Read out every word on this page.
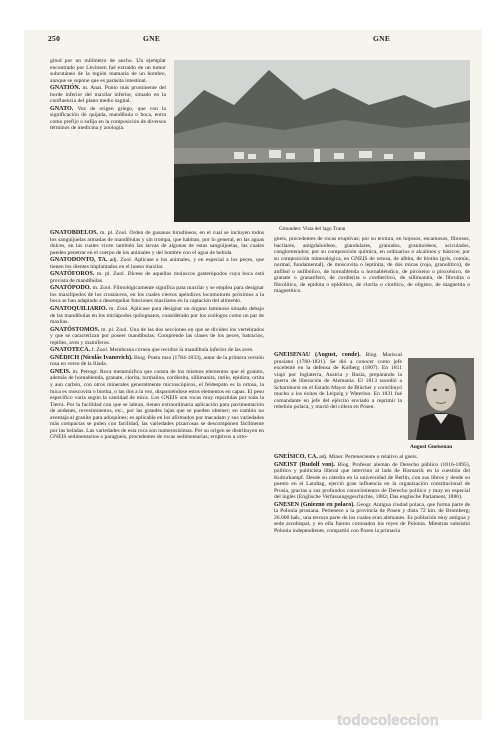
250	GNE	GNE

gitud por un milímetro de ancho. Un ejemplar encontrado por Levinsen fué extraído de un tumor subcutáneo de la región mamaria de un hombre, aunque se supone que es parásita intestinal.

GNATIÓN. m. Anat. Punto más prominente del borde inferior del maxilar inferior, situado en la confluencia del plano medio sagital.

GNATO. Voz de origen griego, que con la significación de quijada, mandíbula o boca, entra como prefijo o sufijo en la composición de diversos términos de medicina y zoología.

Gmunden: Vista del lago Traun

GNATOBDELOS. m. pl. Zool. Orden de gusanos hirudíneos, en el cual se incluyen todos los sanguijuelas armadas de mandíbulas y sin trompa, que habitan, por lo general, en las aguas dulces, en las cuales viven también las larvas de algunas de estas sanguijuelas, las cuales pueden penetrar en el cuerpo de los animales y del hombre con el agua de bebida.

GNATODONTO, TA. adj. Zool. Aplícase a los animales, y en especial a los peces, que tienen los dientes implantados en el hueso maxilar.

GNATÓFOROS. m. pl. Zool. Dícese de aquellos moluscos gasterópodos cuya boca está provista de mandíbulas.

GNATÓPODO. m. Zool. Filmológicamente significa pata maxilar y se emplea para designar los maxilípedos de los crustáceos, en los cuales ciertos apéndices locomotores próximos a la boca se han adaptado a desempeñar funciones maxilares en la captación del alimento.

GNATOQUILIARIO. m. Zool. Aplícase para designar un órgano laminoso situado debajo de las mandíbulas en los miriápodos quilognatos, considerado por los zoólogos como un par de maxilas.

GNATÓSTOMOS. m. pl. Zool. Una de las dos secciones en que se dividen los vertebrados y que se caracterizan por poseer mandíbulas. Comprende las clases de los peces, batracios, reptiles, aves y mamíferos.

GNATOTECA. f. Zool. Membrana córnea que recubre la mandíbula inferior de las aves.

GNÉDICH (Nicolás Ivanovich). Biog. Poeta ruso (1784-1833), autor de la primera versión rusa en verso de la Ilíada.

GNEIS. m. Petrogr. Roca metamórfica que consta de los mismos elementos que el granito, además de hornablenda, granate, clorita, turmalina, cordierita, sillimanita, rutilo, epidota, ortita y aun carbón, con otros minerales generalmente microscópicos, el feldespato es la ortosa, la mica es moscovita o biotita, o las dos a la vez, disponiéndose estos elementos en capas. El peso específico varía según la cantidad de mica. Los GNEIS son rocas muy repartidas por toda la Tierra. Por la facilidad con que se labran, tienen extraordinaria aplicación para pavimentación de andenes, revestimientos, etc., por las grandes lajas que se pueden obtener; en cambio no aventaja al granito para adoquines; es aplicable en los afirmados por macadam y sus variedades más compactas se pulen con facilidad, las variedades pizarrosas se descomponen fácilmente por las heladas. Las variedades de esta roca son numerosísimas. Por su origen se distribuyen en GNEIS sedimentarios o paragneis, procedentes de rocas sedimentarias; eruptivos u orto-

gneis, procedentes de rocas eruptivas; por su textura, en hojosos, escamosos, fibrosos, bacilares, amigdaloideos, glandulares, granudos, granitoideos, aciculados, conglomerados; por su composición química, en ordinarios o alcalinos y básicos; por su composición mineralógica, en GNEIS de ortosa, de albita, de biotita (gris, común, normal, fundamental), de moscovita o leptinita, de dos micas (rojo, granulítico), de anfíbol o anfibólico, de hornablenda u hornabléndico, de piroxeno o piroxénico, de granate o granatífero, de cordierita o cordierítico, de sillimanita, de fibrolita o fibrolítico, de epidota o epidótico, de clorita o clorítico, de oligisto, de magnetita o magnetítico.

GNEISENAU (August, conde). Biog. Mariscal prusiano (1760-1831). Se dió a conocer como jefe excelente en la defensa de Kolberg (1807). En 1811 viajó por Inglaterra, Austria y Rusia, preparando la guerra de liberación de Alemania. El 1813 sucedió a Scharnhorst en el Estado Mayor de Blücher y contribuyó mucho a los éxitos de Leipzig y Waterloo. En 1831 fué comandante en jefe del ejército enviado a reprimir la rebelión polaca, y murió del cólera en Posen.

August Gneisenau

GNEÍSICO, CA. adj. Miner. Perteneciente o relativo al gneis.

GNEIST (Rudolf von). Biog. Profesor alemán de Derecho público (1816-1895), político y publicista liberal que intervino al lado de Bismarck en la cuestión del Kulturkampf. Desde su cátedra en la universidad de Berlín, con sus libros y desde su puesto en el Landtag, ejerció gran influencia en la organización constitucional de Prusia, gracias a sus profundos conocimientos de Derecho político y muy en especial del inglés (Englische Verfassungsgeschichte, 1882; Das englische Parlament, 1886).

GNESEN (Gniezno en polaco). Geogr. Antigua ciudad polaca, que forma parte de la Polonia prusiana. Pertenece a la provincia de Posen y dista 72 km. de Bromberg; 26.000 hab., una tercera parte de los cuales eran alemanes. Es población muy antigua y sede arzobispal, y en ella fueron coronados los reyes de Polonia. Mientras subsistió Polonia independiente, compartió con Posen la primacía

todocoleccion
